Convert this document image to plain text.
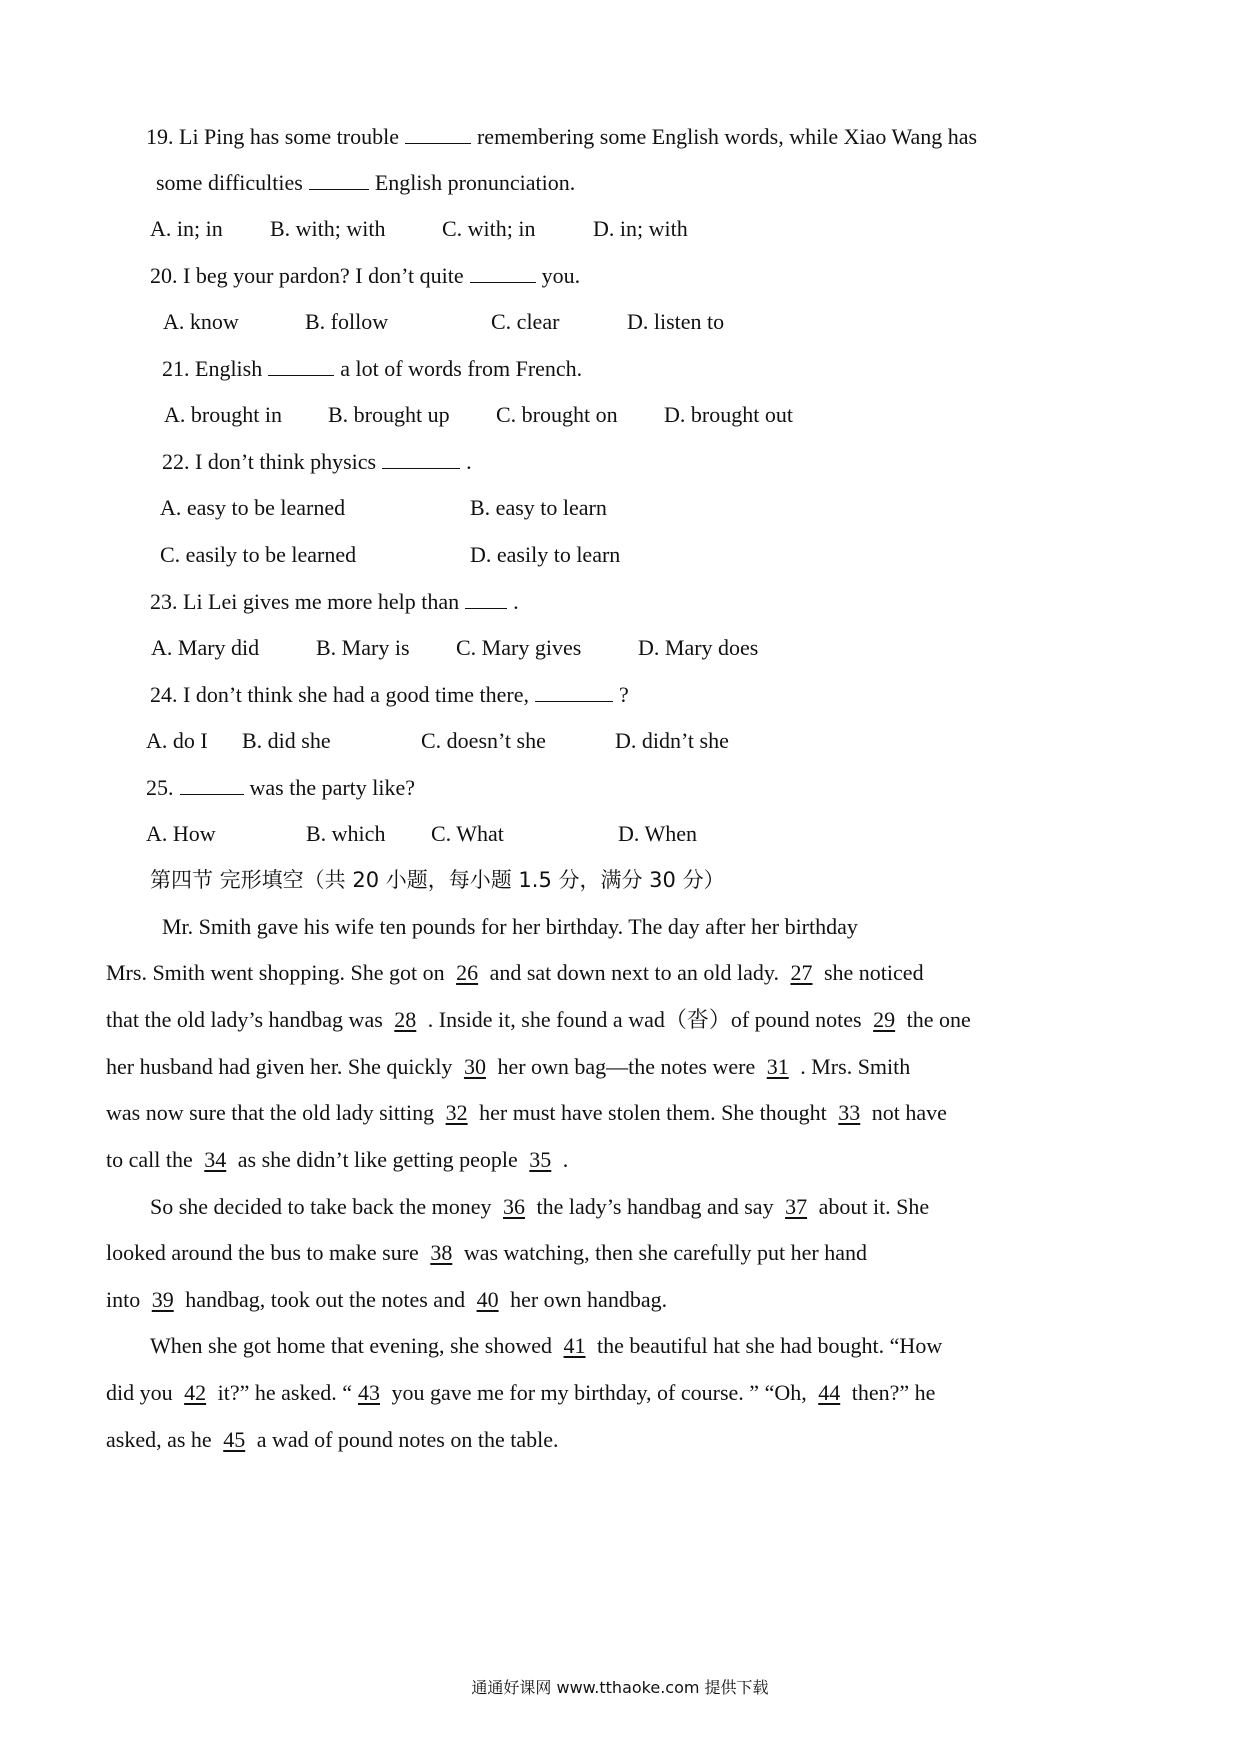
19. Li Ping has some trouble	remembering some English words, while Xiao Wang has
some difficulties	English pronunciation.
A. in; in B. with; with	C. with; in	D. in; with
20. I beg your pardon? I don’t quite	you.
A. know	B. follow	C. clear	D. listen to
21. English	a lot of words from French.
A. brought in B. brought up C. brought on D. brought out
22. I don’t think physics	.
A. easy to be learned	B. easy to learn
C. easily to be learned	D. easily to learn
23. Li Lei gives me more help than .
A. Mary did	B. Mary is C. Mary gives	D. Mary does
24. I don’t think she had a good time there,	?
A. do I B. did she	C. doesn’t she	D. didn’t she
25.	was the party like?
A. How	B. which C. What	D. When
第四节 完形填空（共 20 小题，每小题 1.5 分，满分 30 分）
Mr. Smith gave his wife ten pounds for her birthday. The day after her birthday
Mrs. Smith went shopping. She got on 26 and sat down next to an old lady. 27 she noticed
that the old lady’s handbag was 28 . Inside it, she found a wad（沓）of pound notes 29 the one
her husband had given her. She quickly 30 her own bag—the notes were 31 . Mrs. Smith
was now sure that the old lady sitting 32 her must have stolen them. She thought 33 not have
to call the 34 as she didn’t like getting people 35 .
So she decided to take back the money 36 the lady’s handbag and say 37 about it. She
looked around the bus to make sure 38 was watching, then she carefully put her hand
into 39 handbag, took out the notes and 40 her own handbag.
When she got home that evening, she showed 41 the beautiful hat she had bought. “How
did you 42 it?” he asked. “ 43 you gave me for my birthday, of course. ” “Oh, 44 then?” he
asked, as he 45 a wad of pound notes on the table.
通通好课网 www.tthaoke.com 提供下载
